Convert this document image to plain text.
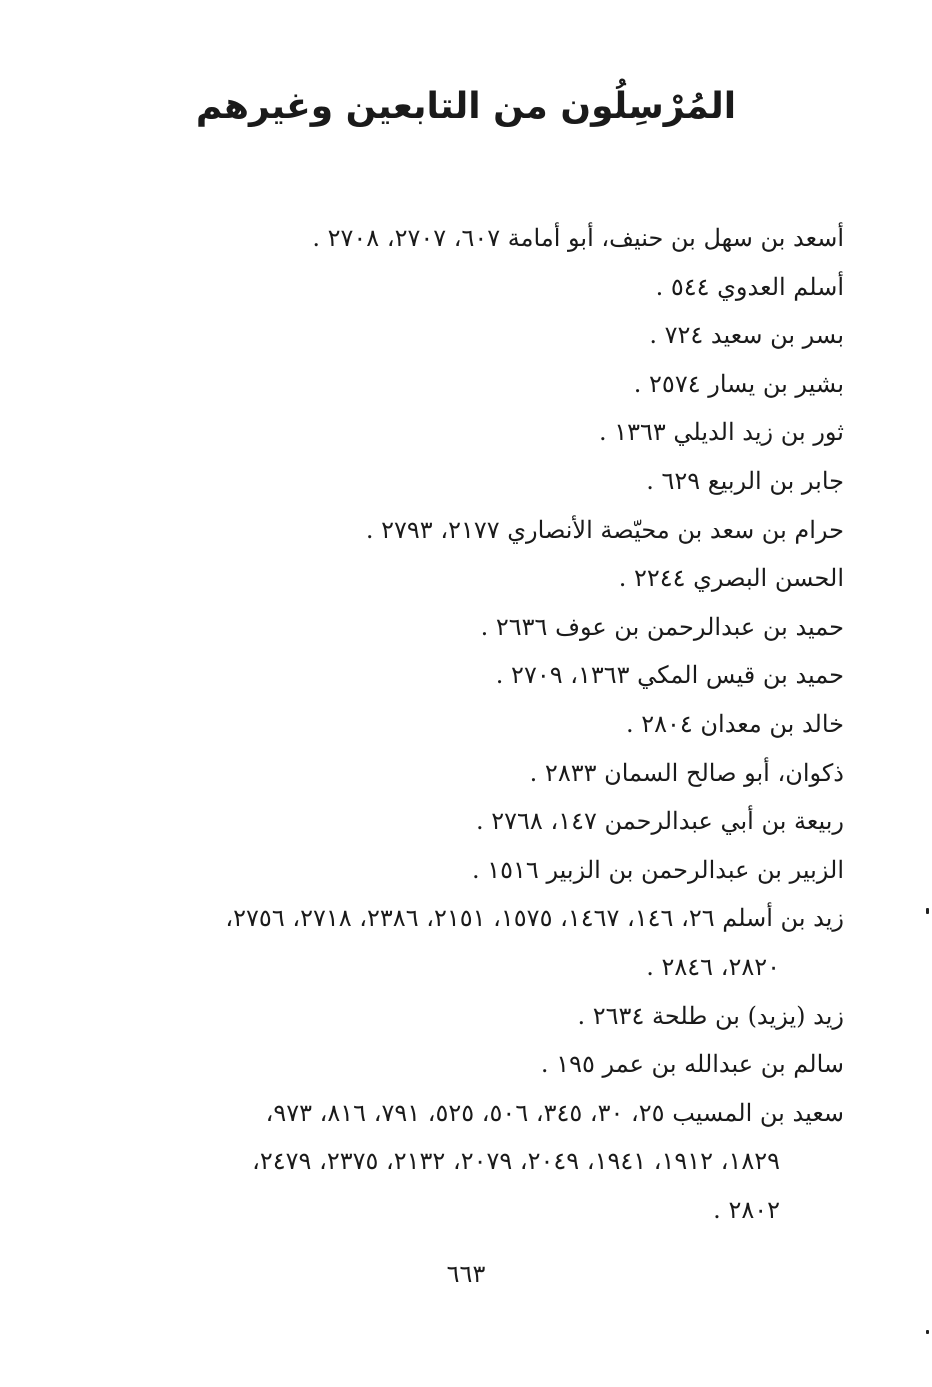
المُرْسِلُون من التابعين وغيرهم
أسعد بن سهل بن حنيف، أبو أمامة ٦٠٧، ٢٧٠٧، ٢٧٠٨ .
أسلم العدوي ٥٤٤ .
بسر بن سعيد ٧٢٤ .
بشير بن يسار ٢٥٧٤ .
ثور بن زيد الديلي ١٣٦٣ .
جابر بن الربيع ٦٢٩ .
حرام بن سعد بن محيّصة الأنصاري ٢١٧٧، ٢٧٩٣ .
الحسن البصري ٢٢٤٤ .
حميد بن عبدالرحمن بن عوف ٢٦٣٦ .
حميد بن قيس المكي ١٣٦٣، ٢٧٠٩ .
خالد بن معدان ٢٨٠٤ .
ذكوان، أبو صالح السمان ٢٨٣٣ .
ربيعة بن أبي عبدالرحمن ١٤٧، ٢٧٦٨ .
الزبير بن عبدالرحمن بن الزبير ١٥١٦ .
زيد بن أسلم ٢٦، ١٤٦، ١٤٦٧، ١٥٧٥، ٢١٥١، ٢٣٨٦، ٢٧١٨، ٢٧٥٦،
٢٨٢٠، ٢٨٤٦ .
زيد (يزيد) بن طلحة ٢٦٣٤ .
سالم بن عبدالله بن عمر ١٩٥ .
سعيد بن المسيب ٢٥، ٣٠، ٣٤٥، ٥٠٦، ٥٢٥، ٧٩١، ٨١٦، ٩٧٣،
١٨٢٩، ١٩١٢، ١٩٤١، ٢٠٤٩، ٢٠٧٩، ٢١٣٢، ٢٣٧٥، ٢٤٧٩،
٢٨٠٢ .
٦٦٣
